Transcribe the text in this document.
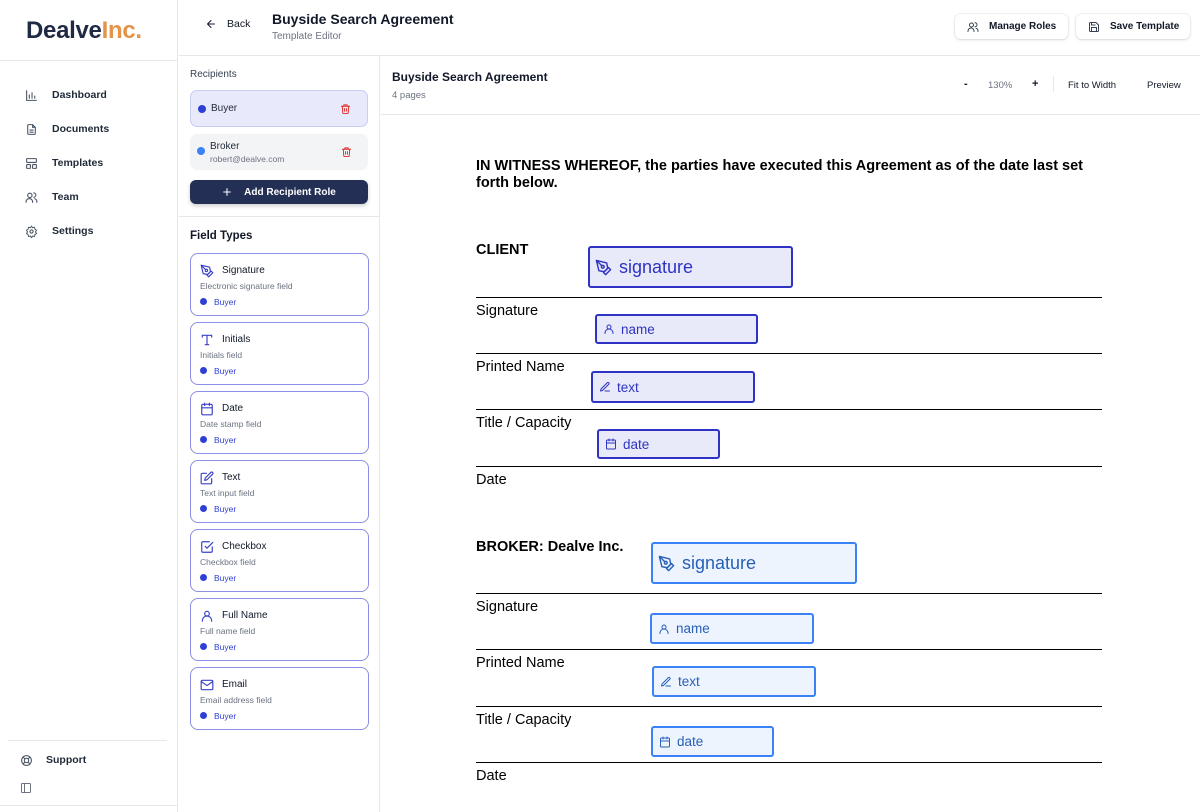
DealveInc.
Dashboard
Documents
Templates
Team
Settings
Support
Back Buyside Search Agreement
Template Editor
Manage Roles	Save Template
Recipients
Buyer
Broker
robert@dealve.com
Add Recipient Role
Field Types
Signature
Electronic signature field
Buyer
Initials
Initials field
Buyer
Date
Date stamp field
Buyer
Text
Text input field
Buyer
Checkbox
Checkbox field
Buyer
Full Name
Full name field
Buyer
Email
Email address field
Buyer
Buyside Search Agreement
4 pages
- 130% +	Fit to Width	Preview
IN WITNESS WHEREOF, the parties have executed this Agreement as of the date last set forth below.
CLIENT
signature
Signature
name
Printed Name
text
Title / Capacity
date
Date
BROKER: Dealve Inc.
signature
Signature
name
Printed Name
text
Title / Capacity
date
Date
